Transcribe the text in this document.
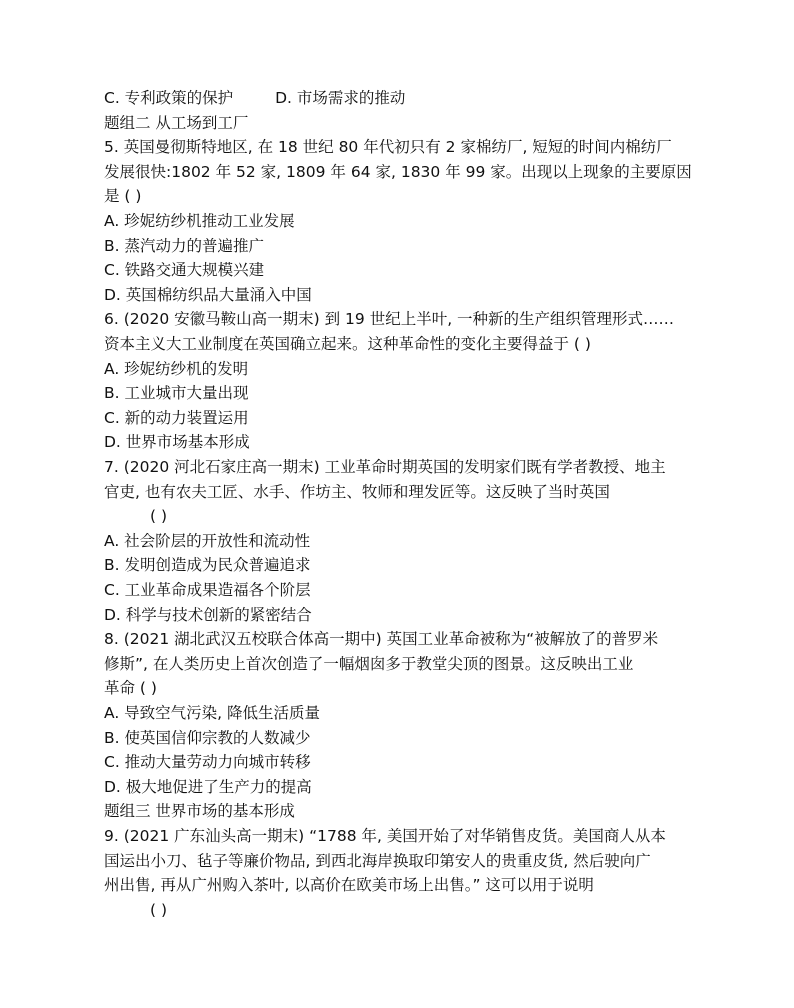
C. 专利政策的保护	D. 市场需求的推动
题组二 从工场到工厂
5. 英国曼彻斯特地区, 在 18 世纪 80 年代初只有 2 家棉纺厂, 短短的时间内棉纺厂
发展很快:1802 年 52 家, 1809 年 64 家, 1830 年 99 家。出现以上现象的主要原因
是 ( )
A. 珍妮纺纱机推动工业发展
B. 蒸汽动力的普遍推广
C. 铁路交通大规模兴建
D. 英国棉纺织品大量涌入中国
6. (2020 安徽马鞍山高一期末) 到 19 世纪上半叶, 一种新的生产组织管理形式……
资本主义大工业制度在英国确立起来。这种革命性的变化主要得益于 ( )
A. 珍妮纺纱机的发明
B. 工业城市大量出现
C. 新的动力装置运用
D. 世界市场基本形成
7. (2020 河北石家庄高一期末) 工业革命时期英国的发明家们既有学者教授、地主
官吏, 也有农夫工匠、水手、作坊主、牧师和理发匠等。这反映了当时英国
( )
A. 社会阶层的开放性和流动性
B. 发明创造成为民众普遍追求
C. 工业革命成果造福各个阶层
D. 科学与技术创新的紧密结合
8. (2021 湖北武汉五校联合体高一期中) 英国工业革命被称为“被解放了的普罗米
修斯”, 在人类历史上首次创造了一幅烟囱多于教堂尖顶的图景。这反映出工业
革命 ( )
A. 导致空气污染, 降低生活质量
B. 使英国信仰宗教的人数减少
C. 推动大量劳动力向城市转移
D. 极大地促进了生产力的提高
题组三 世界市场的基本形成
9. (2021 广东汕头高一期末) “1788 年, 美国开始了对华销售皮货。美国商人从本
国运出小刀、毡子等廉价物品, 到西北海岸换取印第安人的贵重皮货, 然后驶向广
州出售, 再从广州购入茶叶, 以高价在欧美市场上出售。” 这可以用于说明
( )
